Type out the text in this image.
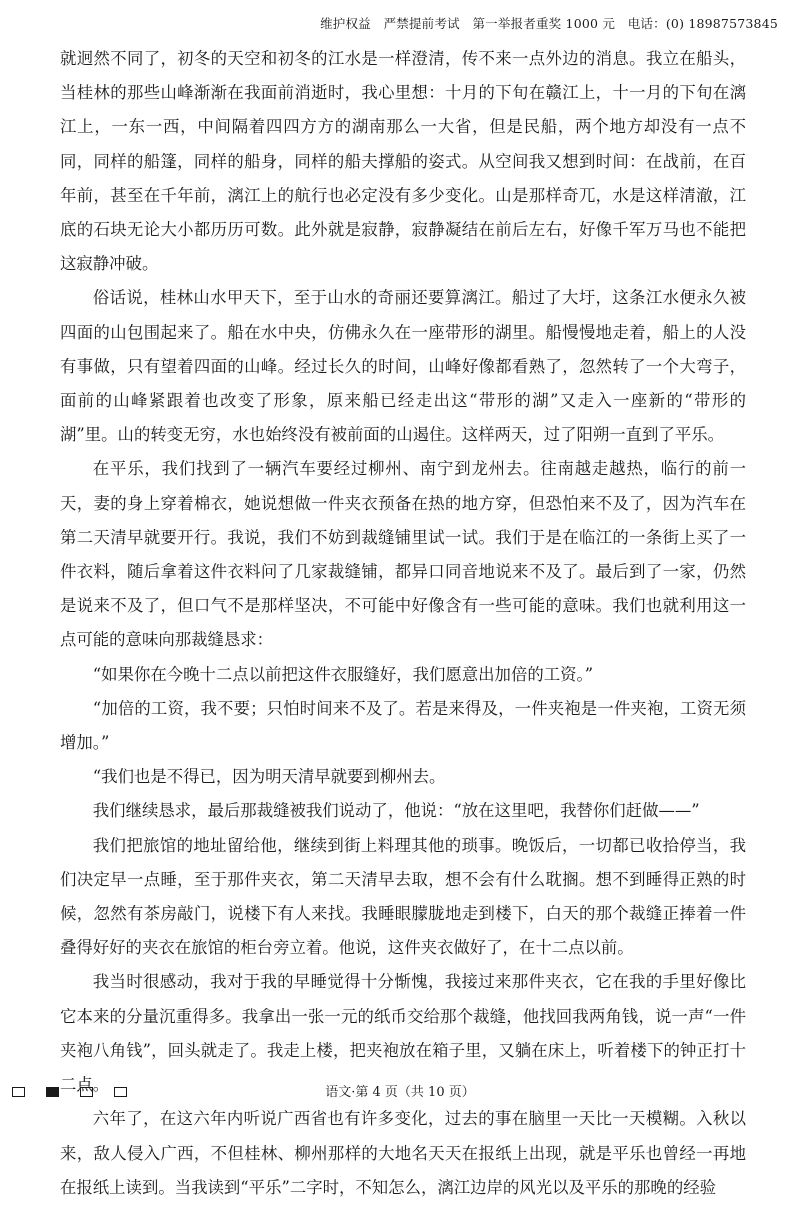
维护权益　严禁提前考试　第一举报者重奖 1000 元　电话：(0) 18987573845

就迥然不同了，初冬的天空和初冬的江水是一样澄清，传不来一点外边的消息。我立在船头，当桂林的那些山峰渐渐在我面前消逝时，我心里想：十月的下旬在赣江上，十一月的下旬在漓江上，一东一西，中间隔着四四方方的湖南那么一大省，但是民船，两个地方却没有一点不同，同样的船篷，同样的船身，同样的船夫撑船的姿式。从空间我又想到时间：在战前，在百年前，甚至在千年前，漓江上的航行也必定没有多少变化。山是那样奇兀，水是这样清澈，江底的石块无论大小都历历可数。此外就是寂静，寂静凝结在前后左右，好像千军万马也不能把这寂静冲破。

俗话说，桂林山水甲天下，至于山水的奇丽还要算漓江。船过了大圩，这条江水便永久被四面的山包围起来了。船在水中央，仿佛永久在一座带形的湖里。船慢慢地走着，船上的人没有事做，只有望着四面的山峰。经过长久的时间，山峰好像都看熟了，忽然转了一个大弯子，面前的山峰紧跟着也改变了形象，原来船已经走出这“带形的湖”又走入一座新的“带形的湖”里。山的转变无穷，水也始终没有被前面的山遏住。这样两天，过了阳朔一直到了平乐。

在平乐，我们找到了一辆汽车要经过柳州、南宁到龙州去。往南越走越热，临行的前一天，妻的身上穿着棉衣，她说想做一件夹衣预备在热的地方穿，但恐怕来不及了，因为汽车在第二天清早就要开行。我说，我们不妨到裁缝铺里试一试。我们于是在临江的一条街上买了一件衣料，随后拿着这件衣料问了几家裁缝铺，都异口同音地说来不及了。最后到了一家，仍然是说来不及了，但口气不是那样坚决，不可能中好像含有一些可能的意味。我们也就利用这一点可能的意味向那裁缝恳求：

“如果你在今晚十二点以前把这件衣服缝好，我们愿意出加倍的工资。”

“加倍的工资，我不要；只怕时间来不及了。若是来得及，一件夹袍是一件夹袍，工资无须增加。”

“我们也是不得已，因为明天清早就要到柳州去。

我们继续恳求，最后那裁缝被我们说动了，他说：“放在这里吧，我替你们赶做——”

我们把旅馆的地址留给他，继续到街上料理其他的琐事。晚饭后，一切都已收拾停当，我们决定早一点睡，至于那件夹衣，第二天清早去取，想不会有什么耽搁。想不到睡得正熟的时候，忽然有茶房敲门，说楼下有人来找。我睡眼朦胧地走到楼下，白天的那个裁缝正捧着一件叠得好好的夹衣在旅馆的柜台旁立着。他说，这件夹衣做好了，在十二点以前。

我当时很感动，我对于我的早睡觉得十分惭愧，我接过来那件夹衣，它在我的手里好像比它本来的分量沉重得多。我拿出一张一元的纸币交给那个裁缝，他找回我两角钱，说一声“一件夹袍八角钱”，回头就走了。我走上楼，把夹袍放在箱子里，又躺在床上，听着楼下的钟正打十二点。

六年了，在这六年内听说广西省也有许多变化，过去的事在脑里一天比一天模糊。入秋以来，敌人侵入广西，不但桂林、柳州那样的大地名天天在报纸上出现，就是平乐也曾经一再地在报纸上读到。当我读到“平乐”二字时，不知怎么，漓江边岸的风光以及平乐的那晚的经验

语文·第 4 页（共 10 页）
